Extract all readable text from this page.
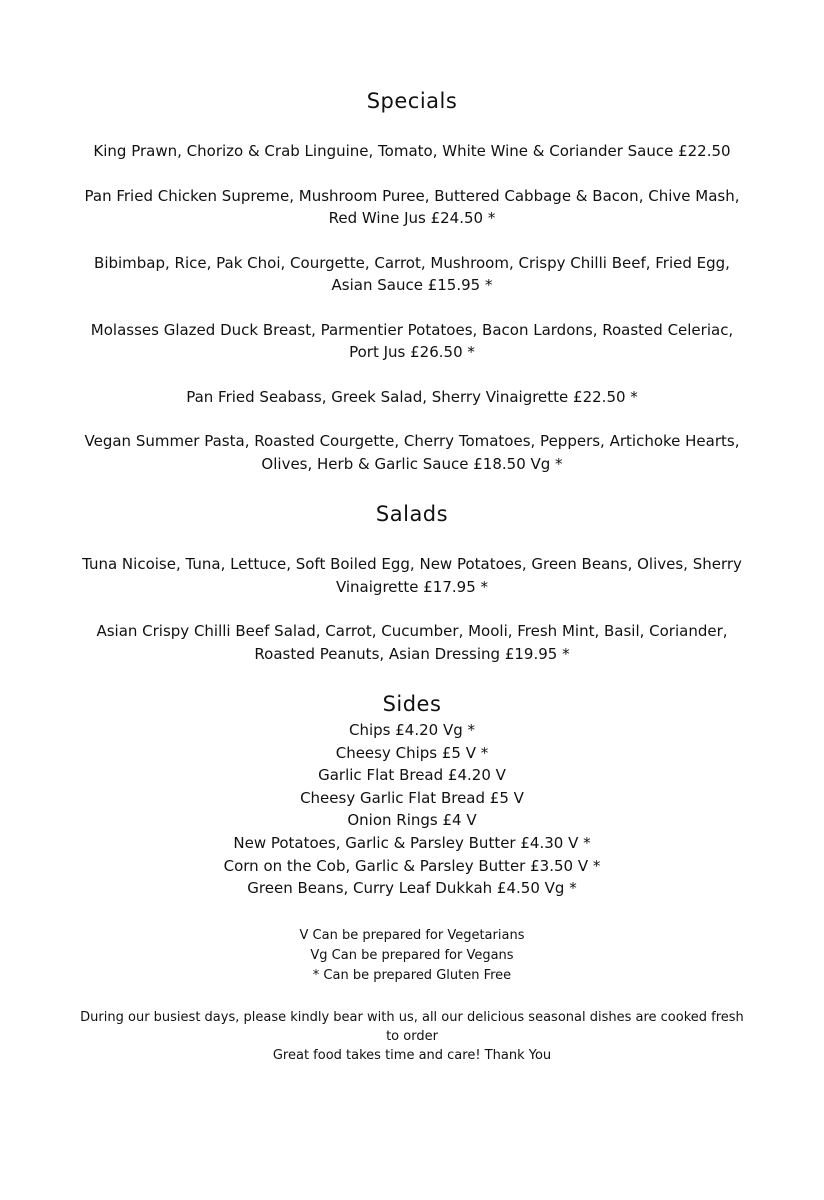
Specials

King Prawn, Chorizo & Crab Linguine, Tomato, White Wine & Coriander Sauce £22.50

Pan Fried Chicken Supreme, Mushroom Puree, Buttered Cabbage & Bacon, Chive Mash, Red Wine Jus £24.50 *

Bibimbap, Rice, Pak Choi, Courgette, Carrot, Mushroom, Crispy Chilli Beef, Fried Egg, Asian Sauce £15.95 *

Molasses Glazed Duck Breast, Parmentier Potatoes, Bacon Lardons, Roasted Celeriac, Port Jus £26.50 *

Pan Fried Seabass, Greek Salad, Sherry Vinaigrette £22.50 *

Vegan Summer Pasta, Roasted Courgette, Cherry Tomatoes, Peppers, Artichoke Hearts, Olives, Herb & Garlic Sauce £18.50 Vg *

Salads

Tuna Nicoise, Tuna, Lettuce, Soft Boiled Egg, New Potatoes, Green Beans, Olives, Sherry Vinaigrette £17.95 *

Asian Crispy Chilli Beef Salad, Carrot, Cucumber, Mooli, Fresh Mint, Basil, Coriander, Roasted Peanuts, Asian Dressing £19.95 *

Sides

Chips £4.20 Vg *

Cheesy Chips £5 V *

Garlic Flat Bread £4.20 V

Cheesy Garlic Flat Bread £5 V

Onion Rings £4 V

New Potatoes, Garlic & Parsley Butter £4.30 V *

Corn on the Cob, Garlic & Parsley Butter £3.50 V *

Green Beans, Curry Leaf Dukkah £4.50 Vg *

V Can be prepared for Vegetarians

Vg Can be prepared for Vegans

* Can be prepared Gluten Free

During our busiest days, please kindly bear with us, all our delicious seasonal dishes are cooked fresh to order

Great food takes time and care! Thank You
